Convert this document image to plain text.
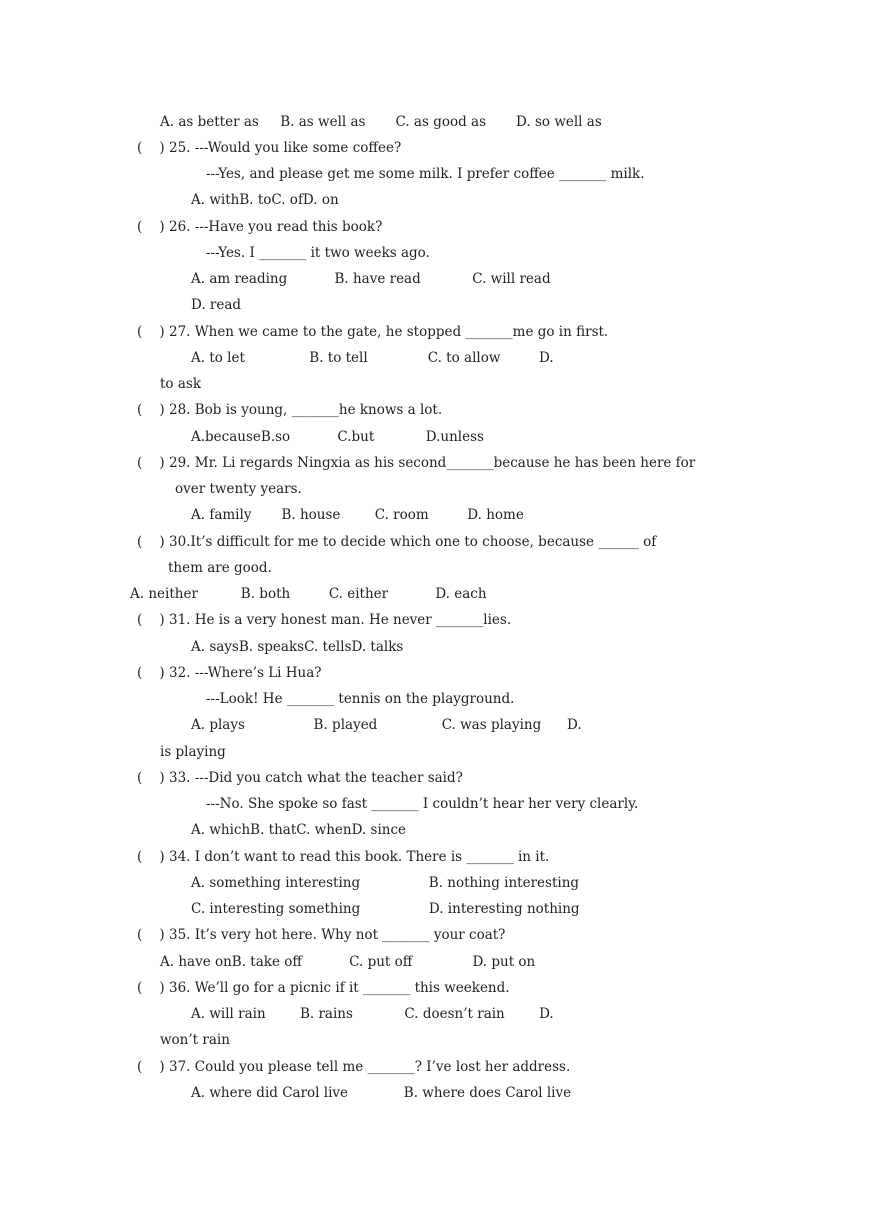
A. as better as     B. as well as       C. as good as       D. so well as
(    ) 25. ---Would you like some coffee?
---Yes, and please get me some milk. I prefer coffee _______ milk.
A. withB. toC. ofD. on
(    ) 26. ---Have you read this book?
---Yes. I _______ it two weeks ago.
A. am reading           B. have read            C. will read
D. read
(    ) 27. When we came to the gate, he stopped _______me go in first.
A. to let               B. to tell              C. to allow         D.
to ask
(    ) 28. Bob is young, _______he knows a lot.
A.becauseB.so           C.but            D.unless
(    ) 29. Mr. Li regards Ningxia as his second_______because he has been here for
over twenty years.
A. family       B. house        C. room         D. home
(    ) 30.It’s difficult for me to decide which one to choose, because ______ of
them are good.
A. neither          B. both         C. either           D. each
(    ) 31. He is a very honest man. He never _______lies.
A. saysB. speaksC. tellsD. talks
(    ) 32. ---Where’s Li Hua?
---Look! He _______ tennis on the playground.
A. plays                B. played               C. was playing      D.
is playing
(    ) 33. ---Did you catch what the teacher said?
---No. She spoke so fast _______ I couldn’t hear her very clearly.
A. whichB. thatC. whenD. since
(    ) 34. I don’t want to read this book. There is _______ in it.
A. something interesting                B. nothing interesting
C. interesting something                D. interesting nothing
(    ) 35. It’s very hot here. Why not _______ your coat?
A. have onB. take off           C. put off              D. put on
(    ) 36. We’ll go for a picnic if it _______ this weekend.
A. will rain        B. rains            C. doesn’t rain        D.
won’t rain
(    ) 37. Could you please tell me _______? I’ve lost her address.
A. where did Carol live             B. where does Carol live
